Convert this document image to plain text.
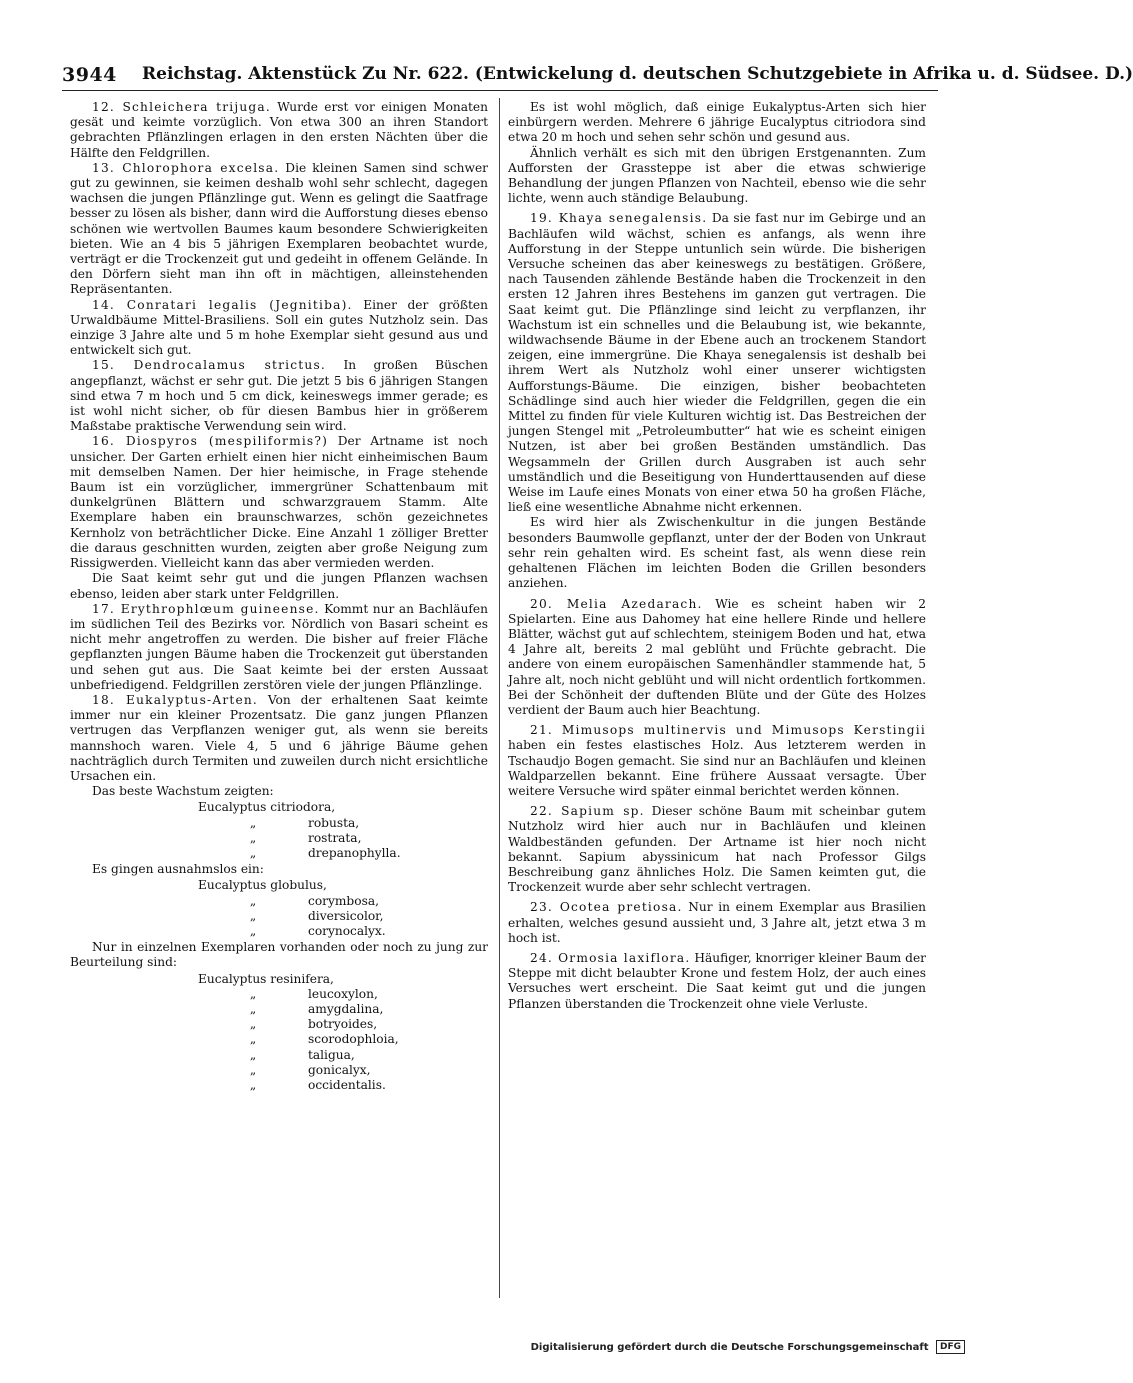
3944 Reichstag. Aktenstück Zu Nr. 622. (Entwickelung d. deutschen Schutzgebiete in Afrika u. d. Südsee. D.)

12. Schleichera trijuga. Wurde erst vor einigen Monaten gesät und keimte vorzüglich. Von etwa 300 an ihren Standort gebrachten Pflänzlingen erlagen in den ersten Nächten über die Hälfte den Feldgrillen.

13. Chlorophora excelsa. Die kleinen Samen sind schwer gut zu gewinnen, sie keimen deshalb wohl sehr schlecht, dagegen wachsen die jungen Pflänzlinge gut. Wenn es gelingt die Saatfrage besser zu lösen als bisher, dann wird die Aufforstung dieses ebenso schönen wie wertvollen Baumes kaum besondere Schwierigkeiten bieten. Wie an 4 bis 5 jährigen Exemplaren beobachtet wurde, verträgt er die Trockenzeit gut und gedeiht in offenem Gelände. In den Dörfern sieht man ihn oft in mächtigen, alleinstehenden Repräsentanten.

14. Conratari legalis (Jegnitiba). Einer der größten Urwaldbäume Mittel-Brasiliens. Soll ein gutes Nutzholz sein. Das einzige 3 Jahre alte und 5 m hohe Exemplar sieht gesund aus und entwickelt sich gut.

15. Dendrocalamus strictus. In großen Büschen angepflanzt, wächst er sehr gut. Die jetzt 5 bis 6 jährigen Stangen sind etwa 7 m hoch und 5 cm dick, keineswegs immer gerade; es ist wohl nicht sicher, ob für diesen Bambus hier in größerem Maßstabe praktische Verwendung sein wird.

16. Diospyros (mespiliformis?) Der Artname ist noch unsicher. Der Garten erhielt einen hier nicht einheimischen Baum mit demselben Namen. Der hier heimische, in Frage stehende Baum ist ein vorzüglicher, immergrüner Schattenbaum mit dunkelgrünen Blättern und schwarzgrauem Stamm. Alte Exemplare haben ein braunschwarzes, schön gezeichnetes Kernholz von beträchtlicher Dicke. Eine Anzahl 1 zölliger Bretter die daraus geschnitten wurden, zeigten aber große Neigung zum Rissigwerden. Vielleicht kann das aber vermieden werden.

Die Saat keimt sehr gut und die jungen Pflanzen wachsen ebenso, leiden aber stark unter Feldgrillen.

17. Erythrophlœum guineense. Kommt nur an Bachläufen im südlichen Teil des Bezirks vor. Nördlich von Basari scheint es nicht mehr angetroffen zu werden. Die bisher auf freier Fläche gepflanzten jungen Bäume haben die Trockenzeit gut überstanden und sehen gut aus. Die Saat keimte bei der ersten Aussaat unbefriedigend. Feldgrillen zerstören viele der jungen Pflänzlinge.

18. Eukalyptus-Arten. Von der erhaltenen Saat keimte immer nur ein kleiner Prozentsatz. Die ganz jungen Pflanzen vertrugen das Verpflanzen weniger gut, als wenn sie bereits mannshoch waren. Viele 4, 5 und 6 jährige Bäume gehen nachträglich durch Termiten und zuweilen durch nicht ersichtliche Ursachen ein.

Das beste Wachstum zeigten:

Eucalyptus citriodora,
„	robusta,
„	rostrata,
„	drepanophylla.

Es gingen ausnahmslos ein:

Eucalyptus globulus,
„	corymbosa,
„	diversicolor,
„	corynocalyx.

Nur in einzelnen Exemplaren vorhanden oder noch zu jung zur Beurteilung sind:

Eucalyptus resinifera,
„	leucoxylon,
„	amygdalina,
„	botryoides,
„	scorodophloia,
„	taligua,
„	gonicalyx,
„	occidentalis.

Es ist wohl möglich, daß einige Eukalyptus-Arten sich hier einbürgern werden. Mehrere 6 jährige Eucalyptus citriodora sind etwa 20 m hoch und sehen sehr schön und gesund aus.

Ähnlich verhält es sich mit den übrigen Erstgenannten. Zum Aufforsten der Grassteppe ist aber die etwas schwierige Behandlung der jungen Pflanzen von Nachteil, ebenso wie die sehr lichte, wenn auch ständige Belaubung.

19. Khaya senegalensis. Da sie fast nur im Gebirge und an Bachläufen wild wächst, schien es anfangs, als wenn ihre Aufforstung in der Steppe untunlich sein würde. Die bisherigen Versuche scheinen das aber keineswegs zu bestätigen. Größere, nach Tausenden zählende Bestände haben die Trockenzeit in den ersten 12 Jahren ihres Bestehens im ganzen gut vertragen. Die Saat keimt gut. Die Pflänzlinge sind leicht zu verpflanzen, ihr Wachstum ist ein schnelles und die Belaubung ist, wie bekannte, wildwachsende Bäume in der Ebene auch an trockenem Standort zeigen, eine immergrüne. Die Khaya senegalensis ist deshalb bei ihrem Wert als Nutzholz wohl einer unserer wichtigsten Aufforstungs-Bäume. Die einzigen, bisher beobachteten Schädlinge sind auch hier wieder die Feldgrillen, gegen die ein Mittel zu finden für viele Kulturen wichtig ist. Das Bestreichen der jungen Stengel mit „Petroleumbutter“ hat wie es scheint einigen Nutzen, ist aber bei großen Beständen umständlich. Das Wegsammeln der Grillen durch Ausgraben ist auch sehr umständlich und die Beseitigung von Hunderttausenden auf diese Weise im Laufe eines Monats von einer etwa 50 ha großen Fläche, ließ eine wesentliche Abnahme nicht erkennen.

Es wird hier als Zwischenkultur in die jungen Bestände besonders Baumwolle gepflanzt, unter der der Boden von Unkraut sehr rein gehalten wird. Es scheint fast, als wenn diese rein gehaltenen Flächen im leichten Boden die Grillen besonders anziehen.

20. Melia Azedarach. Wie es scheint haben wir 2 Spielarten. Eine aus Dahomey hat eine hellere Rinde und hellere Blätter, wächst gut auf schlechtem, steinigem Boden und hat, etwa 4 Jahre alt, bereits 2 mal geblüht und Früchte gebracht. Die andere von einem europäischen Samenhändler stammende hat, 5 Jahre alt, noch nicht geblüht und will nicht ordentlich fortkommen. Bei der Schönheit der duftenden Blüte und der Güte des Holzes verdient der Baum auch hier Beachtung.

21. Mimusops multinervis und Mimusops Kerstingii haben ein festes elastisches Holz. Aus letzterem werden in Tschaudjo Bogen gemacht. Sie sind nur an Bachläufen und kleinen Waldparzellen bekannt. Eine frühere Aussaat versagte. Über weitere Versuche wird später einmal berichtet werden können.

22. Sapium sp. Dieser schöne Baum mit scheinbar gutem Nutzholz wird hier auch nur in Bachläufen und kleinen Waldbeständen gefunden. Der Artname ist hier noch nicht bekannt. Sapium abyssinicum hat nach Professor Gilgs Beschreibung ganz ähnliches Holz. Die Samen keimten gut, die Trockenzeit wurde aber sehr schlecht vertragen.

23. Ocotea pretiosa. Nur in einem Exemplar aus Brasilien erhalten, welches gesund aussieht und, 3 Jahre alt, jetzt etwa 3 m hoch ist.

24. Ormosia laxiflora. Häufiger, knorriger kleiner Baum der Steppe mit dicht belaubter Krone und festem Holz, der auch eines Versuches wert erscheint. Die Saat keimt gut und die jungen Pflanzen überstanden die Trockenzeit ohne viele Verluste.

Digitalisierung gefördert durch die Deutsche Forschungsgemeinschaft DFG
